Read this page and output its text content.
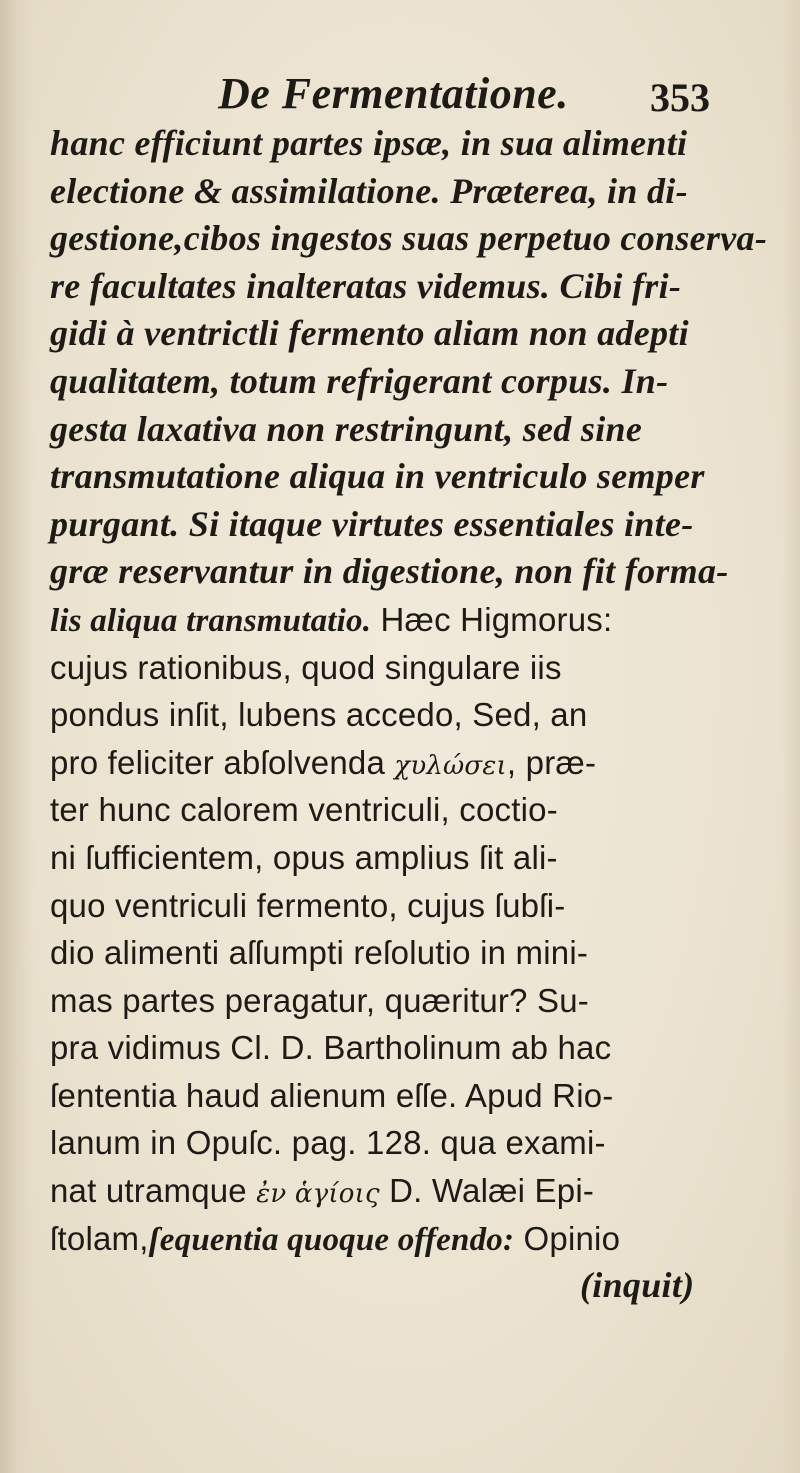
De Fermentatione. 353
hanc efficiunt partes ipsæ, in sua alimenti
electione & assimilatione. Præterea, in di-
gestione,cibos ingestos suas perpetuo conserva-
re facultates inalteratas videmus. Cibi fri-
gidi à ventrictli fermento aliam non adepti
qualitatem, totum refrigerant corpus. In-
gesta laxativa non restringunt, sed sine
transmutatione aliqua in ventriculo semper
purgant. Si itaque virtutes essentiales inte-
græ reservantur in digestione, non fit forma-
lis aliqua transmutatio. Hæc Higmorus:
cujus rationibus, quod singulare iis
pondus inſit, lubens accedo, Sed, an
pro feliciter abſolvenda χυλώσει, præ-
ter hunc calorem ventriculi, coctio-
ni ſufficientem, opus amplius ſit ali-
quo ventriculi fermento, cujus ſubſi-
dio alimenti aſſumpti reſolutio in mini-
mas partes peragatur, quæritur? Su-
pra vidimus Cl. D. Bartholinum ab hac
ſententia haud alienum eſſe. Apud Rio-
lanum in Opuſc. pag. 128. qua exami-
nat utramque ἐν ἁγίοις D. Walæi Epi-
ſtolam,ſequentia quoque offendo: Opinio
(inquit)
